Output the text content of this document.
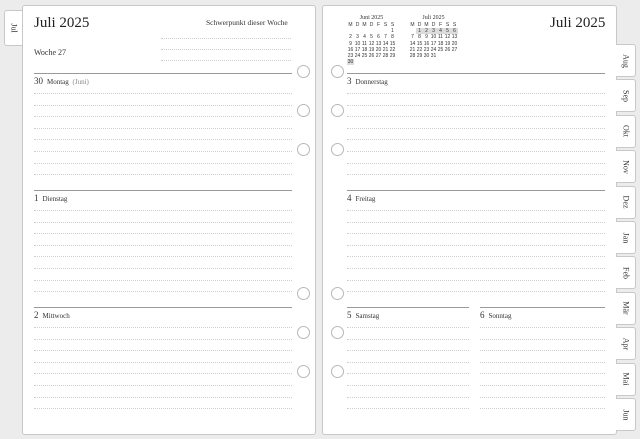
Jul Juli 2025
Woche 27
Schwerpunkt dieser Woche
30 Montag (Juni)
1 Dienstag
2 Mittwoch
Juli 2025
Juni 2025
M	D	M	D	F	S	S
						1
2	3	4	5	6	7	8
9	10	11	12	13	14	15
16	17	18	19	20	21	22
23	24	25	26	27	28	29
30						
Juli 2025
M	D	M	D	F	S	S
	1	2	3	4	5	6
7	8	9	10	11	12	13
14	15	16	17	18	19	20
21	22	23	24	25	26	27
28	29	30	31			
3 Donnerstag
4 Freitag
5 Samstag	6 Sonntag
Aug
Sep
Okt
Nov
Dez
Jan
Feb
Mär
Apr
Mai
Jun
